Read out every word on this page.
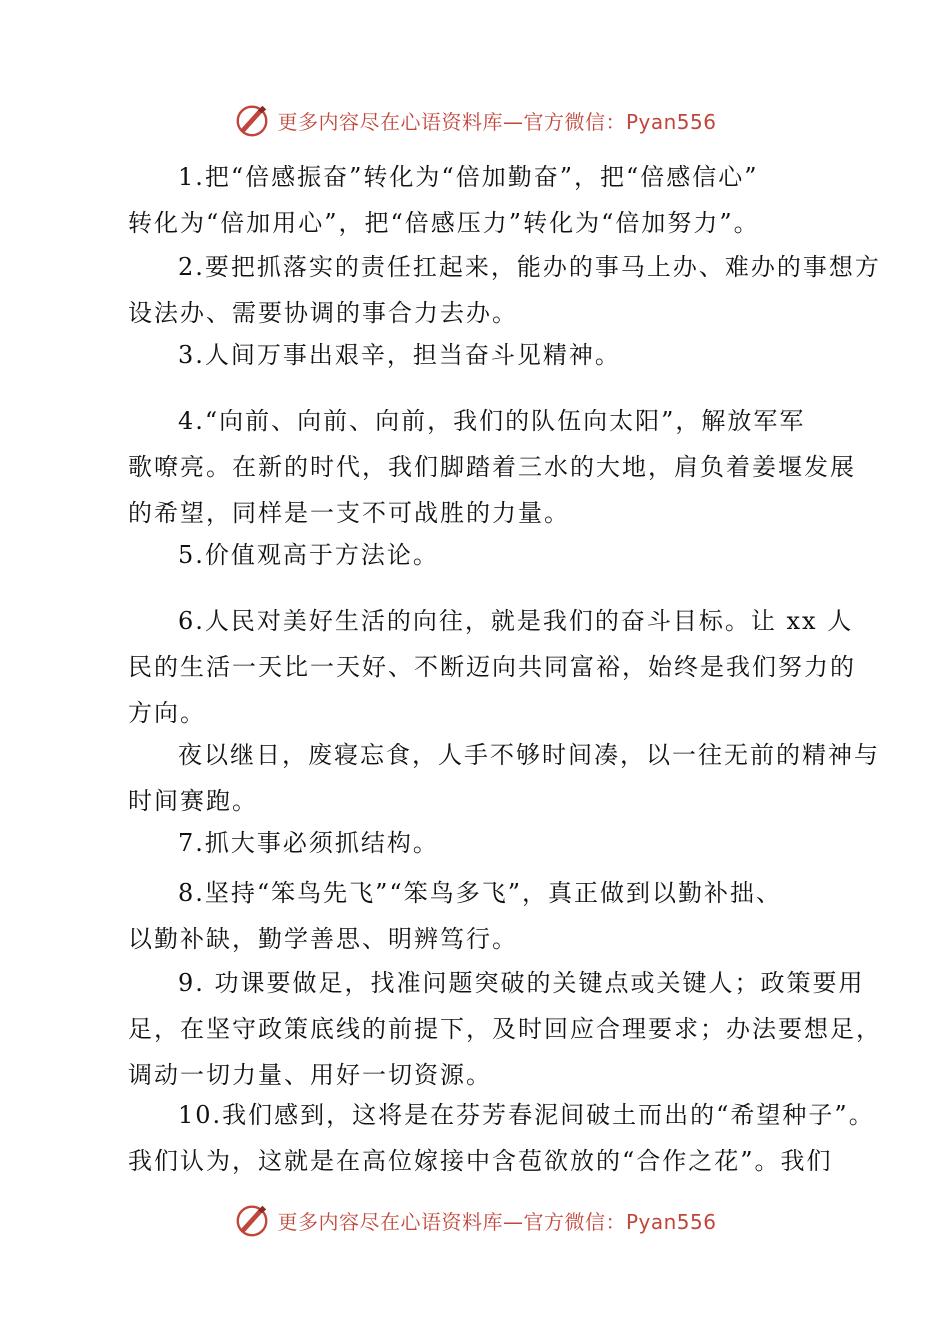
更多内容尽在心语资料库—官方微信：Pyan556
1.把“倍感振奋”转化为“倍加勤奋”，把“倍感信心”
转化为“倍加用心”，把“倍感压力”转化为“倍加努力”。
2.要把抓落实的责任扛起来，能办的事马上办、难办的事想方
设法办、需要协调的事合力去办。
3.人间万事出艰辛，担当奋斗见精神。
4.“向前、向前、向前，我们的队伍向太阳”，解放军军
歌嘹亮。在新的时代，我们脚踏着三水的大地，肩负着姜堰发展
的希望，同样是一支不可战胜的力量。
5.价值观高于方法论。
6.人民对美好生活的向往，就是我们的奋斗目标。让 xx 人
民的生活一天比一天好、不断迈向共同富裕，始终是我们努力的
方向。
夜以继日，废寝忘食，人手不够时间凑，以一往无前的精神与
时间赛跑。
7.抓大事必须抓结构。
8.坚持“笨鸟先飞”“笨鸟多飞”，真正做到以勤补拙、
以勤补缺，勤学善思、明辨笃行。
9. 功课要做足，找准问题突破的关键点或关键人；政策要用
足，在坚守政策底线的前提下，及时回应合理要求；办法要想足，
调动一切力量、用好一切资源。
10.我们感到，这将是在芬芳春泥间破土而出的“希望种子”。
我们认为，这就是在高位嫁接中含苞欲放的“合作之花”。我们
更多内容尽在心语资料库—官方微信：Pyan556
